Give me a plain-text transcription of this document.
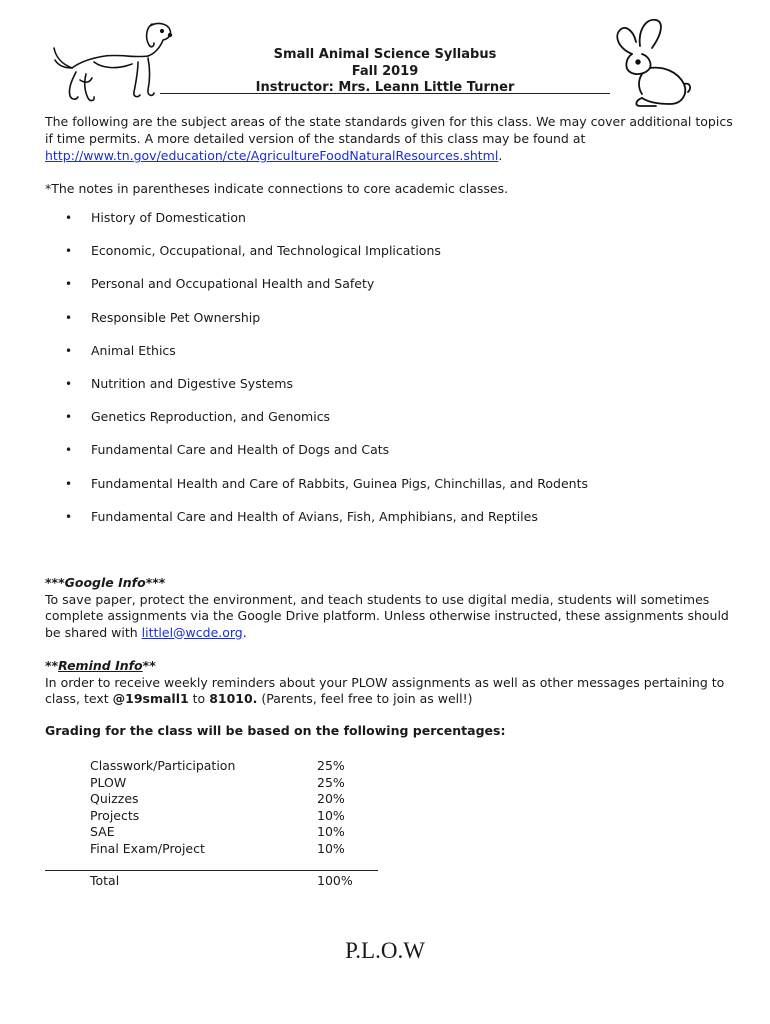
Small Animal Science Syllabus
Fall 2019
Instructor: Mrs. Leann Little Turner
The following are the subject areas of the state standards given for this class. We may cover additional topics if time permits. A more detailed version of the standards of this class may be found at http://www.tn.gov/education/cte/AgricultureFoodNaturalResources.shtml.
*The notes in parentheses indicate connections to core academic classes.
• History of Domestication
• Economic, Occupational, and Technological Implications
• Personal and Occupational Health and Safety
• Responsible Pet Ownership
• Animal Ethics
• Nutrition and Digestive Systems
• Genetics Reproduction, and Genomics
• Fundamental Care and Health of Dogs and Cats
• Fundamental Health and Care of Rabbits, Guinea Pigs, Chinchillas, and Rodents
• Fundamental Care and Health of Avians, Fish, Amphibians, and Reptiles
***Google Info***
To save paper, protect the environment, and teach students to use digital media, students will sometimes complete assignments via the Google Drive platform. Unless otherwise instructed, these assignments should be shared with littlel@wcde.org.
**Remind Info**
In order to receive weekly reminders about your PLOW assignments as well as other messages pertaining to class, text @19small1 to 81010. (Parents, feel free to join as well!)
Grading for the class will be based on the following percentages:
Classwork/Participation	25%
PLOW	25%
Quizzes	20%
Projects	10%
SAE	10%
Final Exam/Project	10%
Total	100%
P.L.O.W
